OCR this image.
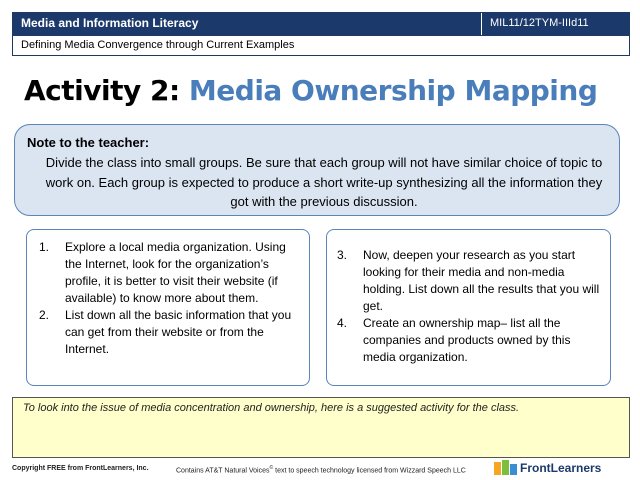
Media and Information Literacy	MIL11/12TYM-IIId11
Defining Media Convergence through Current Examples
Activity 2: Media Ownership Mapping
Note to the teacher:
Divide the class into small groups. Be sure that each group will not have similar choice of topic to work on. Each group is expected to produce a short write-up synthesizing all the information they got with the previous discussion.
1. Explore a local media organization. Using the Internet, look for the organization’s profile, it is better to visit their website (if available) to know more about them.
2. List down all the basic information that you can get from their website or from the Internet.
3. Now, deepen your research as you start looking for their media and non-media holding. List down all the results that you will get.
4. Create an ownership map– list all the companies and products owned by this media organization.
To look into the issue of media concentration and ownership, here is a suggested activity for the class.
Copyright FREE from FrontLearners, Inc.	Contains AT&T Natural Voices© text to speech technology licensed from Wizzard Speech LLC	FrontLearners
